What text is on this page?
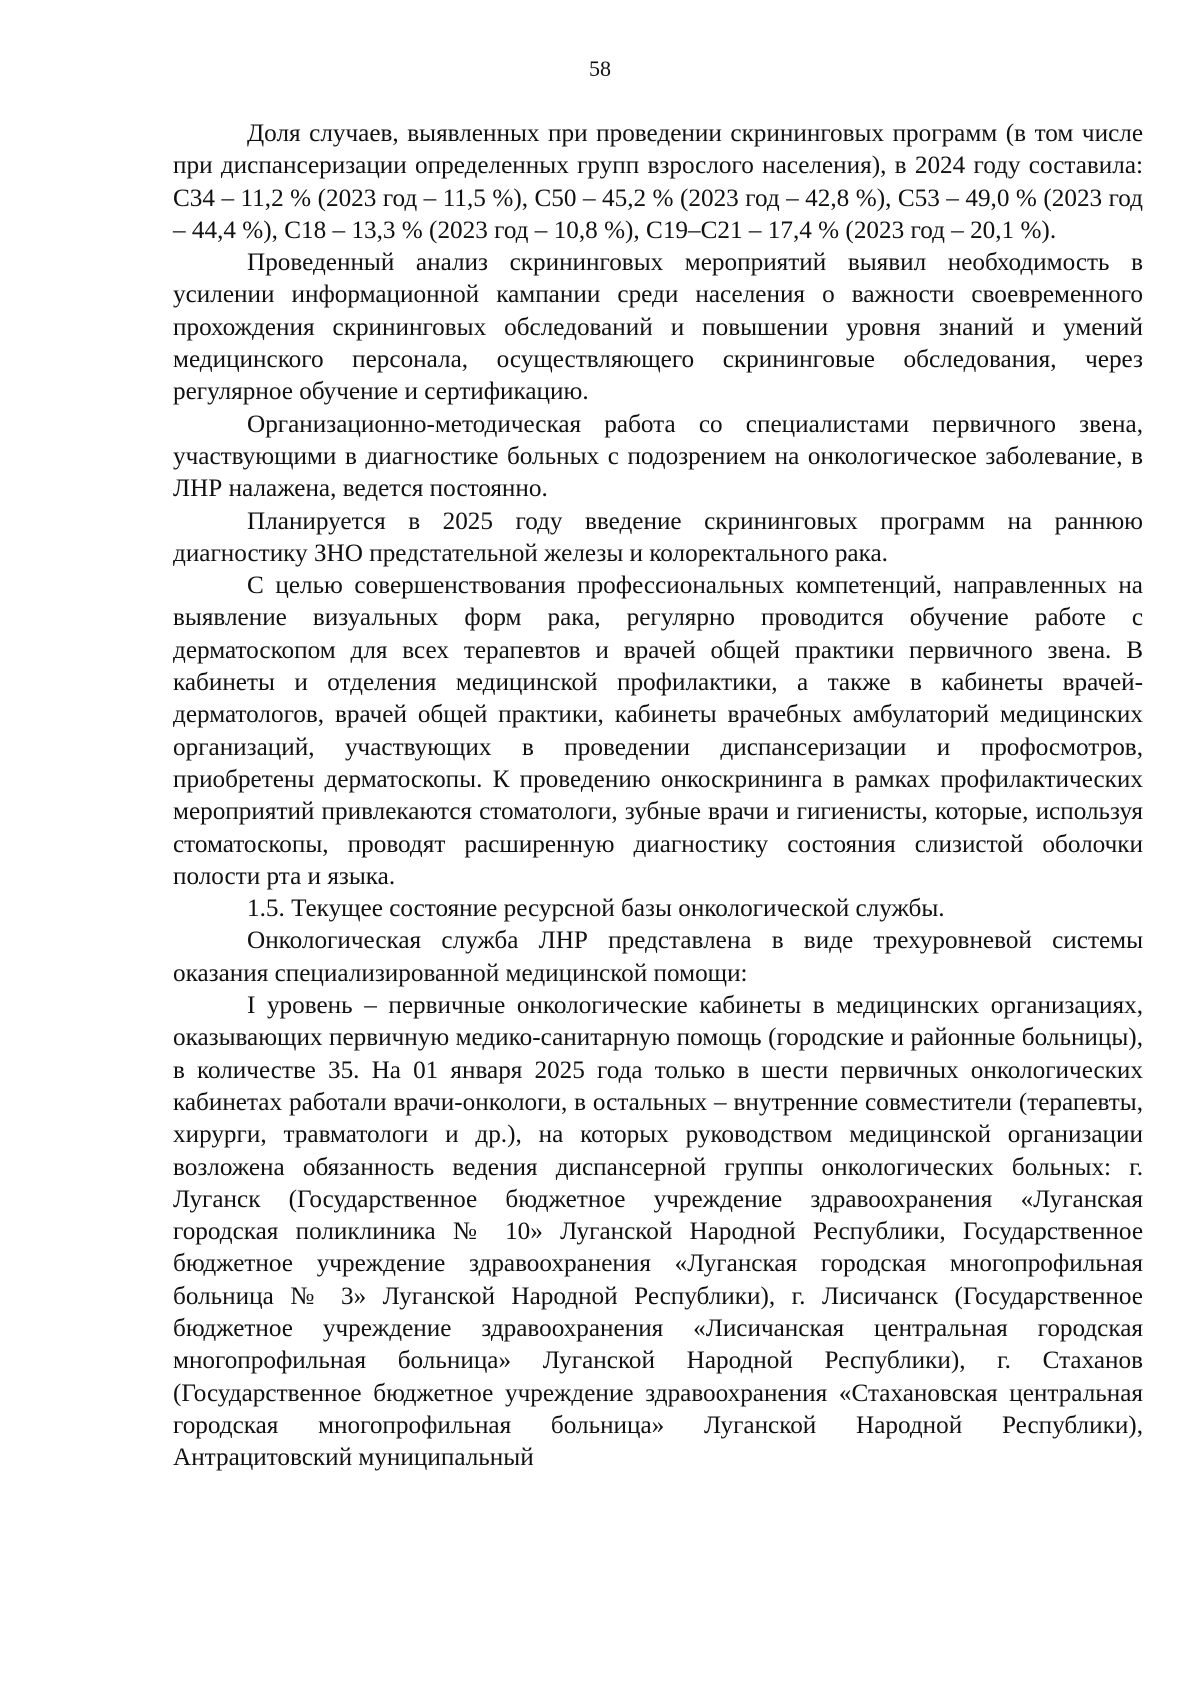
58

Доля случаев, выявленных при проведении скрининговых программ (в том числе при диспансеризации определенных групп взрослого населения), в 2024 году составила: С34 – 11,2 % (2023 год – 11,5 %), С50 – 45,2 % (2023 год – 42,8 %), С53 – 49,0 % (2023 год – 44,4 %), С18 – 13,3 % (2023 год – 10,8 %), С19–С21 – 17,4 % (2023 год – 20,1 %).

Проведенный анализ скрининговых мероприятий выявил необходимость в усилении информационной кампании среди населения о важности своевременного прохождения скрининговых обследований и повышении уровня знаний и умений медицинского персонала, осуществляющего скрининговые обследования, через регулярное обучение и сертификацию.

Организационно-методическая работа со специалистами первичного звена, участвующими в диагностике больных с подозрением на онкологическое заболевание, в ЛНР налажена, ведется постоянно.

Планируется в 2025 году введение скрининговых программ на раннюю диагностику ЗНО предстательной железы и колоректального рака.

С целью совершенствования профессиональных компетенций, направленных на выявление визуальных форм рака, регулярно проводится обучение работе с дерматоскопом для всех терапевтов и врачей общей практики первичного звена. В кабинеты и отделения медицинской профилактики, а также в кабинеты врачей-дерматологов, врачей общей практики, кабинеты врачебных амбулаторий медицинских организаций, участвующих в проведении диспансеризации и профосмотров, приобретены дерматоскопы. К проведению онкоскрининга в рамках профилактических мероприятий привлекаются стоматологи, зубные врачи и гигиенисты, которые, используя стоматоскопы, проводят расширенную диагностику состояния слизистой оболочки полости рта и языка.

1.5. Текущее состояние ресурсной базы онкологической службы.

Онкологическая служба ЛНР представлена в виде трехуровневой системы оказания специализированной медицинской помощи:

I уровень – первичные онкологические кабинеты в медицинских организациях, оказывающих первичную медико-санитарную помощь (городские и районные больницы), в количестве 35. На 01 января 2025 года только в шести первичных онкологических кабинетах работали врачи-онкологи, в остальных – внутренние совместители (терапевты, хирурги, травматологи и др.), на которых руководством медицинской организации возложена обязанность ведения диспансерной группы онкологических больных: г. Луганск (Государственное бюджетное учреждение здравоохранения «Луганская городская поликлиника № 10» Луганской Народной Республики, Государственное бюджетное учреждение здравоохранения «Луганская городская многопрофильная больница № 3» Луганской Народной Республики), г. Лисичанск (Государственное бюджетное учреждение здравоохранения «Лисичанская центральная городская многопрофильная больница» Луганской Народной Республики), г. Стаханов (Государственное бюджетное учреждение здравоохранения «Стахановская центральная городская многопрофильная больница» Луганской Народной Республики), Антрацитовский муниципальный
